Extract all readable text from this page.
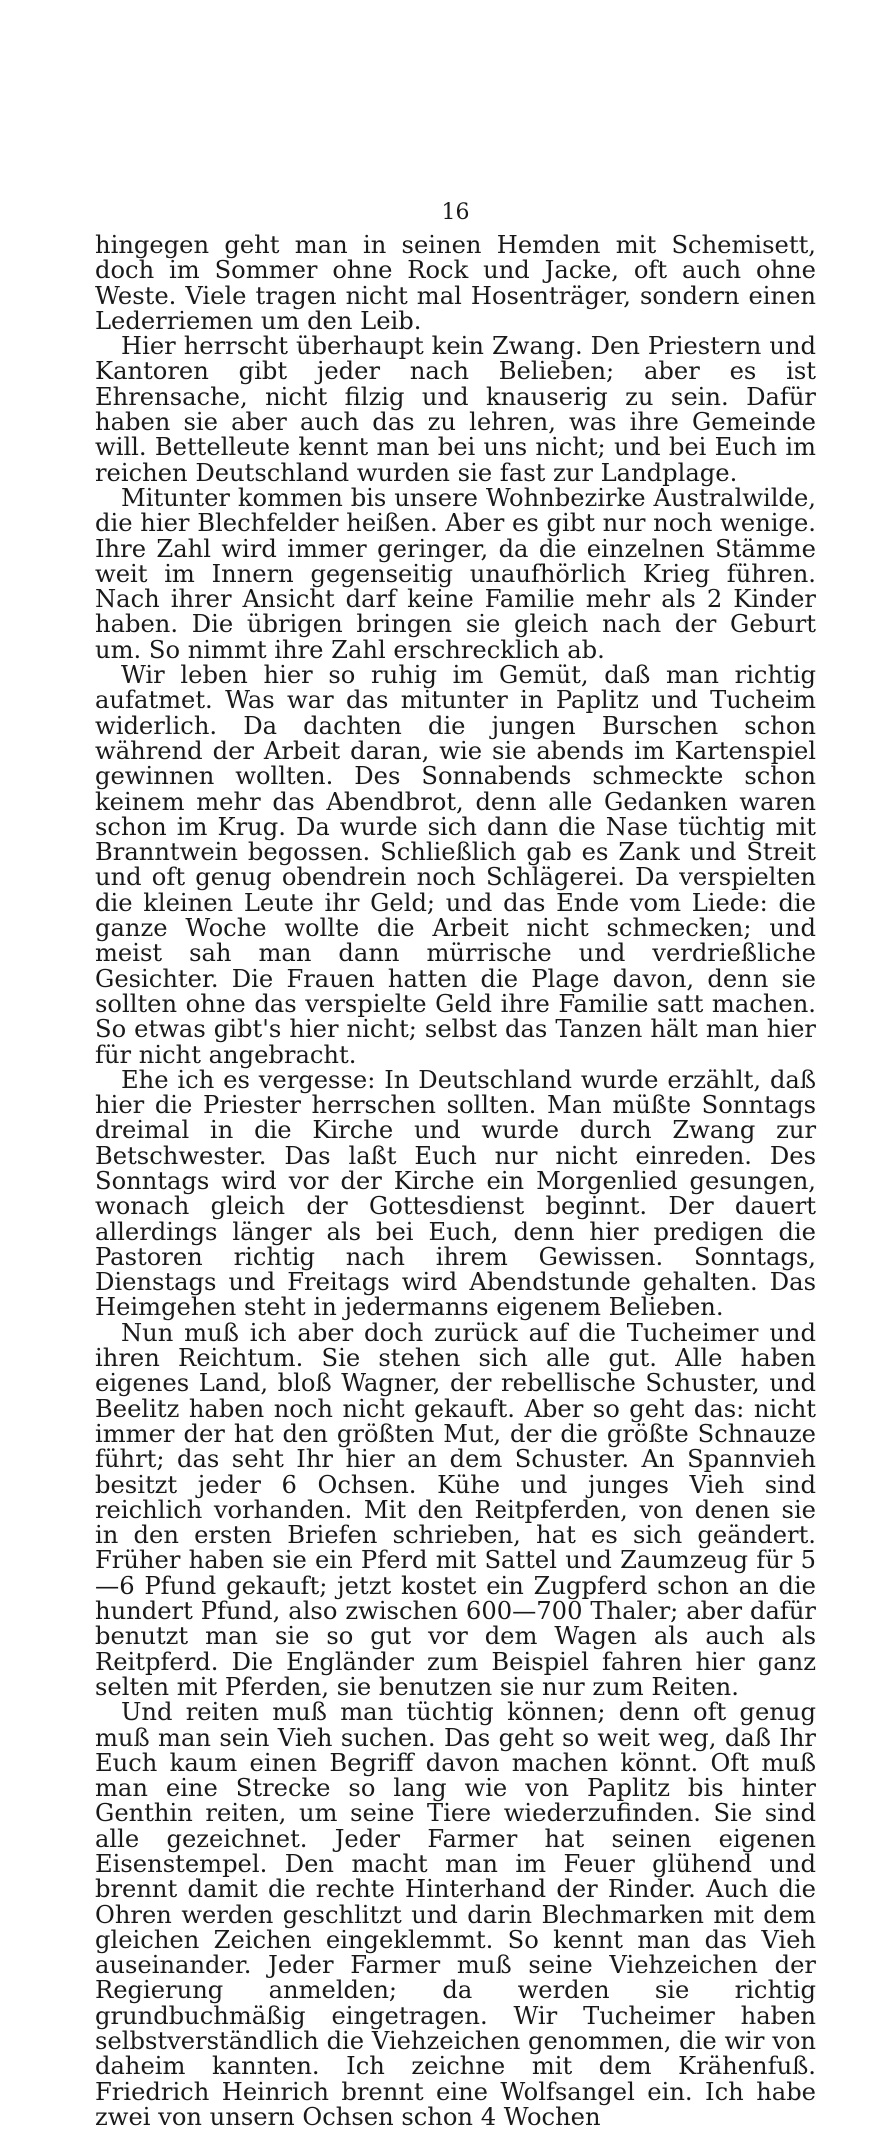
16

hingegen geht man in seinen Hemden mit Schemisett, doch im Sommer ohne Rock und Jacke, oft auch ohne Weste. Viele tragen nicht mal Hosenträger, sondern einen Lederriemen um den Leib.

Hier herrscht überhaupt kein Zwang. Den Priestern und Kantoren gibt jeder nach Belieben; aber es ist Ehrensache, nicht filzig und knauserig zu sein. Dafür haben sie aber auch das zu lehren, was ihre Gemeinde will. Bettelleute kennt man bei uns nicht; und bei Euch im reichen Deutschland wurden sie fast zur Landplage.

Mitunter kommen bis unsere Wohnbezirke Australwilde, die hier Blechfelder heißen. Aber es gibt nur noch wenige. Ihre Zahl wird immer geringer, da die einzelnen Stämme weit im Innern gegenseitig unaufhörlich Krieg führen. Nach ihrer Ansicht darf keine Familie mehr als 2 Kinder haben. Die übrigen bringen sie gleich nach der Geburt um. So nimmt ihre Zahl erschrecklich ab.

Wir leben hier so ruhig im Gemüt, daß man richtig aufatmet. Was war das mitunter in Paplitz und Tucheim widerlich. Da dachten die jungen Burschen schon während der Arbeit daran, wie sie abends im Kartenspiel gewinnen wollten. Des Sonnabends schmeckte schon keinem mehr das Abendbrot, denn alle Gedanken waren schon im Krug. Da wurde sich dann die Nase tüchtig mit Branntwein begossen. Schließlich gab es Zank und Streit und oft genug obendrein noch Schlägerei. Da verspielten die kleinen Leute ihr Geld; und das Ende vom Liede: die ganze Woche wollte die Arbeit nicht schmecken; und meist sah man dann mürrische und verdrießliche Gesichter. Die Frauen hatten die Plage davon, denn sie sollten ohne das verspielte Geld ihre Familie satt machen. So etwas gibt's hier nicht; selbst das Tanzen hält man hier für nicht angebracht.

Ehe ich es vergesse: In Deutschland wurde erzählt, daß hier die Priester herrschen sollten. Man müßte Sonntags dreimal in die Kirche und wurde durch Zwang zur Betschwester. Das laßt Euch nur nicht einreden. Des Sonntags wird vor der Kirche ein Morgenlied gesungen, wonach gleich der Gottesdienst beginnt. Der dauert allerdings länger als bei Euch, denn hier predigen die Pastoren richtig nach ihrem Gewissen. Sonntags, Dienstags und Freitags wird Abendstunde gehalten. Das Heimgehen steht in jedermanns eigenem Belieben.

Nun muß ich aber doch zurück auf die Tucheimer und ihren Reichtum. Sie stehen sich alle gut. Alle haben eigenes Land, bloß Wagner, der rebellische Schuster, und Beelitz haben noch nicht gekauft. Aber so geht das: nicht immer der hat den größten Mut, der die größte Schnauze führt; das seht Ihr hier an dem Schuster. An Spannvieh besitzt jeder 6 Ochsen. Kühe und junges Vieh sind reichlich vorhanden. Mit den Reitpferden, von denen sie in den ersten Briefen schrieben, hat es sich geändert. Früher haben sie ein Pferd mit Sattel und Zaumzeug für 5—6 Pfund gekauft; jetzt kostet ein Zugpferd schon an die hundert Pfund, also zwischen 600—700 Thaler; aber dafür benutzt man sie so gut vor dem Wagen als auch als Reitpferd. Die Engländer zum Beispiel fahren hier ganz selten mit Pferden, sie benutzen sie nur zum Reiten.

Und reiten muß man tüchtig können; denn oft genug muß man sein Vieh suchen. Das geht so weit weg, daß Ihr Euch kaum einen Begriff davon machen könnt. Oft muß man eine Strecke so lang wie von Paplitz bis hinter Genthin reiten, um seine Tiere wiederzufinden. Sie sind alle gezeichnet. Jeder Farmer hat seinen eigenen Eisenstempel. Den macht man im Feuer glühend und brennt damit die rechte Hinterhand der Rinder. Auch die Ohren werden geschlitzt und darin Blechmarken mit dem gleichen Zeichen eingeklemmt. So kennt man das Vieh auseinander. Jeder Farmer muß seine Viehzeichen der Regierung anmelden; da werden sie richtig grundbuchmäßig eingetragen. Wir Tucheimer haben selbstverständlich die Viehzeichen genommen, die wir von daheim kannten. Ich zeichne mit dem Krähenfuß. Friedrich Heinrich brennt eine Wolfsangel ein. Ich habe zwei von unsern Ochsen schon 4 Wochen
